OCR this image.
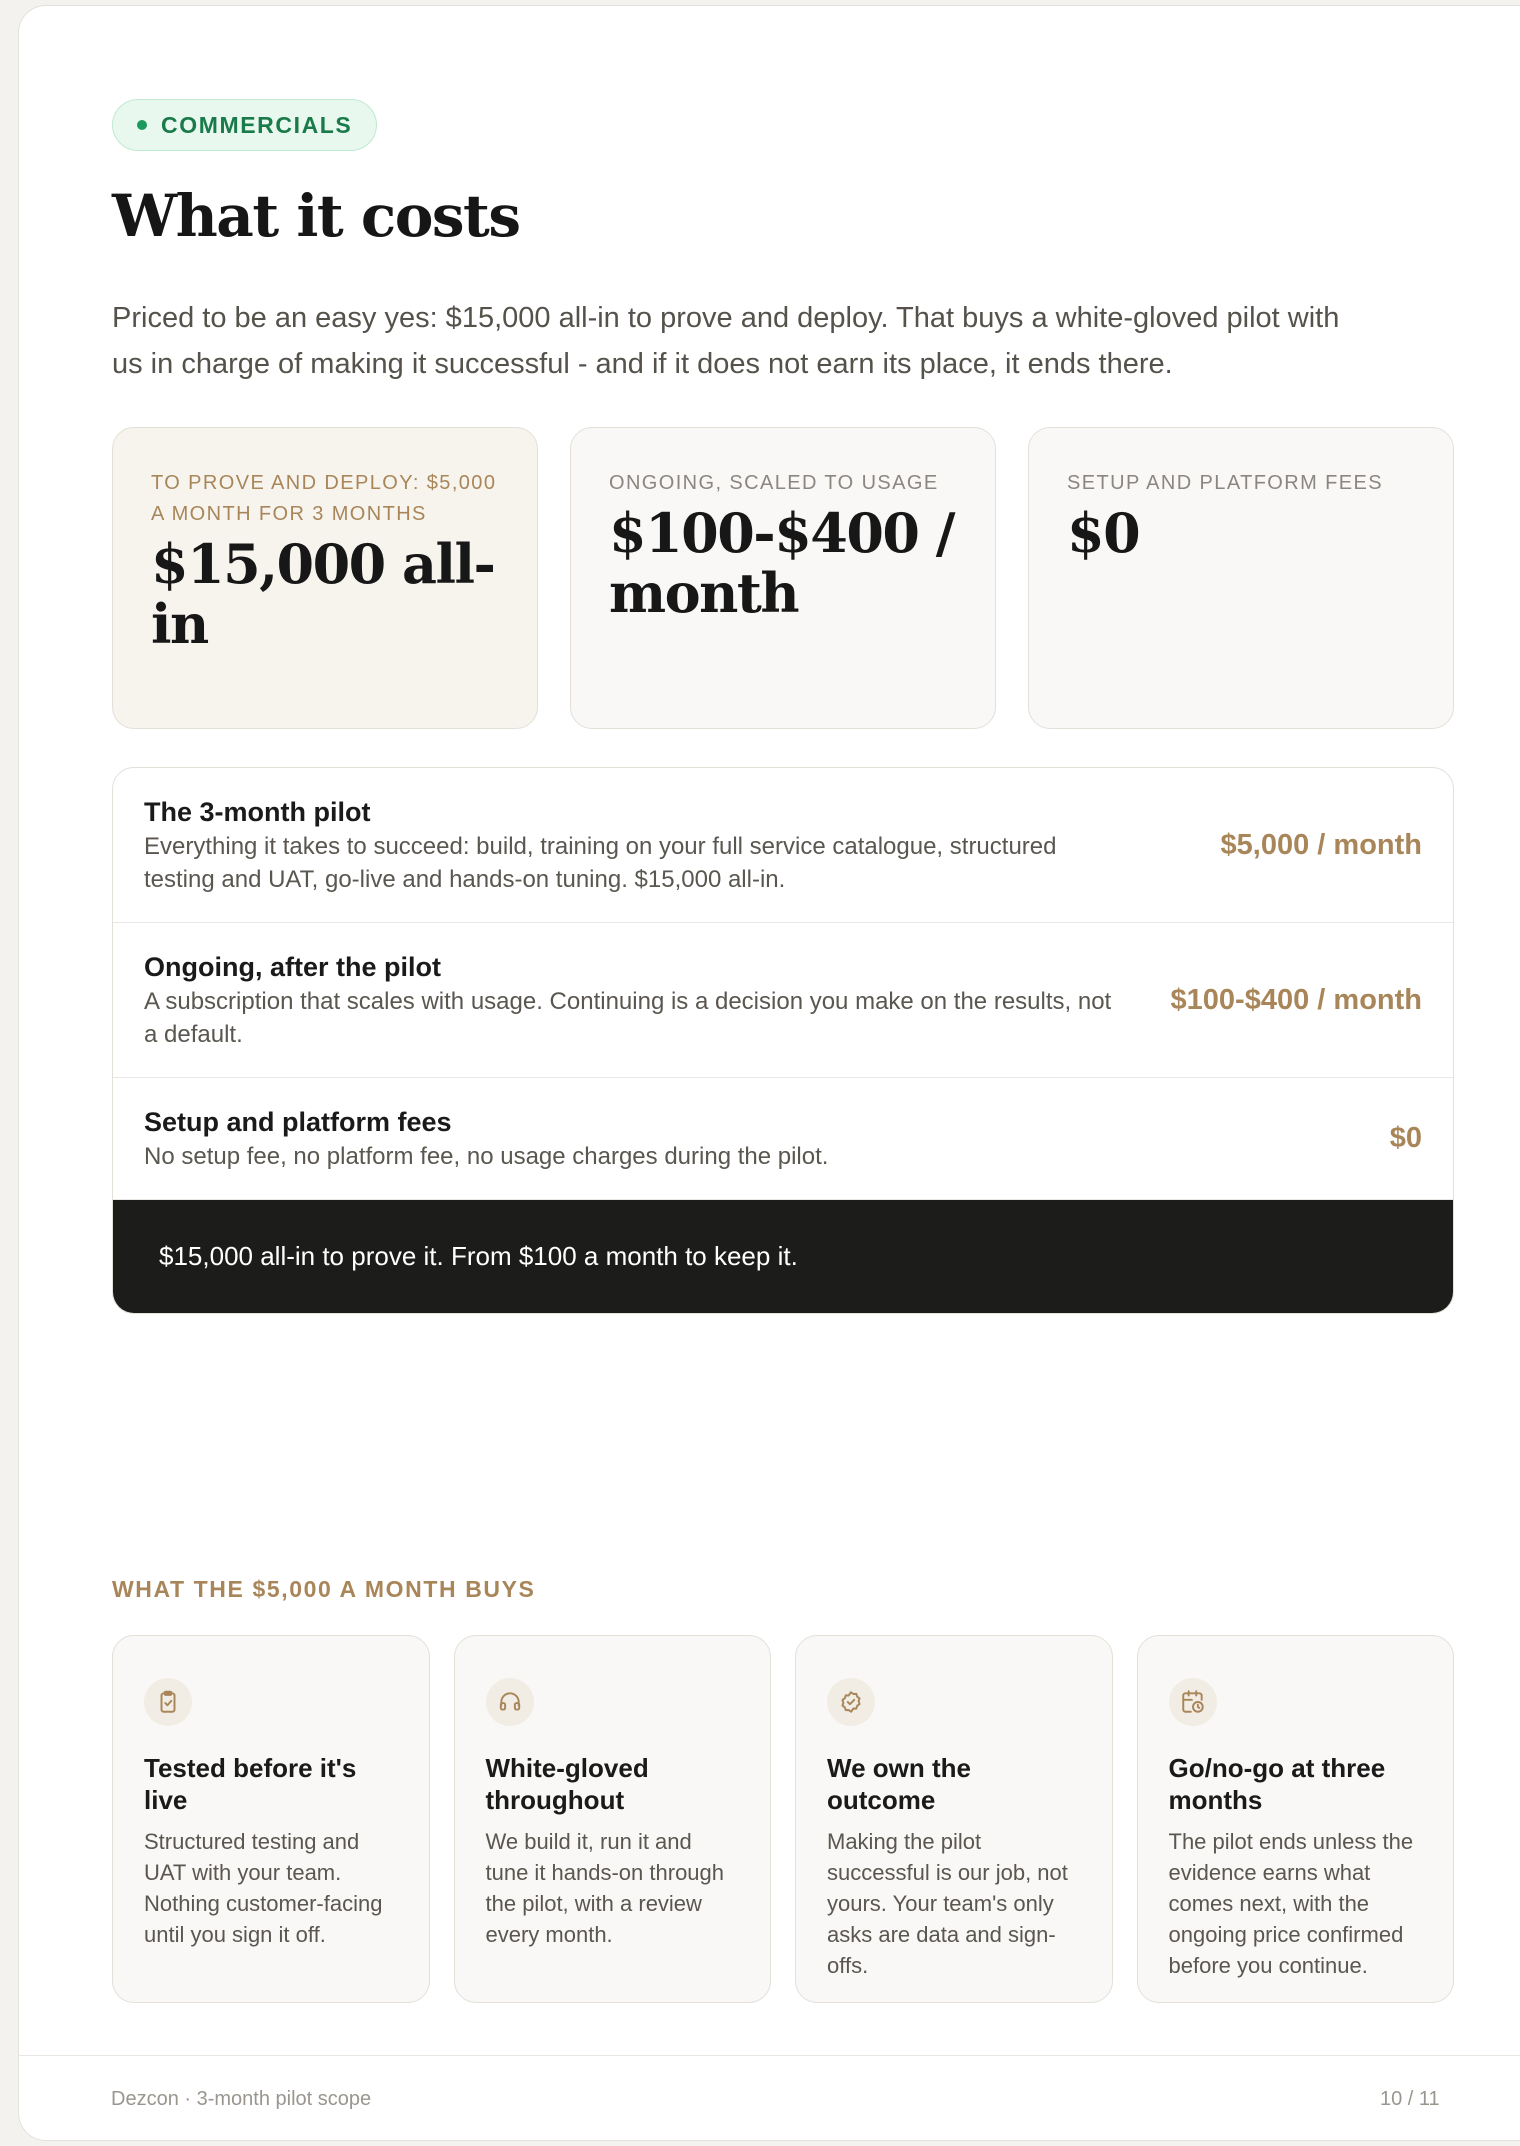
COMMERCIALS
What it costs

Priced to be an easy yes: $15,000 all-in to prove and deploy. That buys a white-gloved pilot with us in charge of making it successful - and if it does not earn its place, it ends there.

TO PROVE AND DEPLOY: $5,000 A MONTH FOR 3 MONTHS
$15,000 all-in
ONGOING, SCALED TO USAGE
$100-$400 / month
SETUP AND PLATFORM FEES
$0
The 3-month pilot
Everything it takes to succeed: build, training on your full service catalogue, structured testing and UAT, go-live and hands-on tuning. $15,000 all-in.
$5,000 / month
Ongoing, after the pilot
A subscription that scales with usage. Continuing is a decision you make on the results, not a default.
$100-$400 / month
Setup and platform fees
No setup fee, no platform fee, no usage charges during the pilot.
$0
$15,000 all-in to prove it. From $100 a month to keep it.
WHAT THE $5,000 A MONTH BUYS
Tested before it's live
Structured testing and UAT with your team. Nothing customer-facing until you sign it off.
White-gloved throughout
We build it, run it and tune it hands-on through the pilot, with a review every month.
We own the outcome
Making the pilot successful is our job, not yours. Your team's only asks are data and sign-offs.
Go/no-go at three months
The pilot ends unless the evidence earns what comes next, with the ongoing price confirmed before you continue.
Dezcon · 3-month pilot scope	10 / 11
